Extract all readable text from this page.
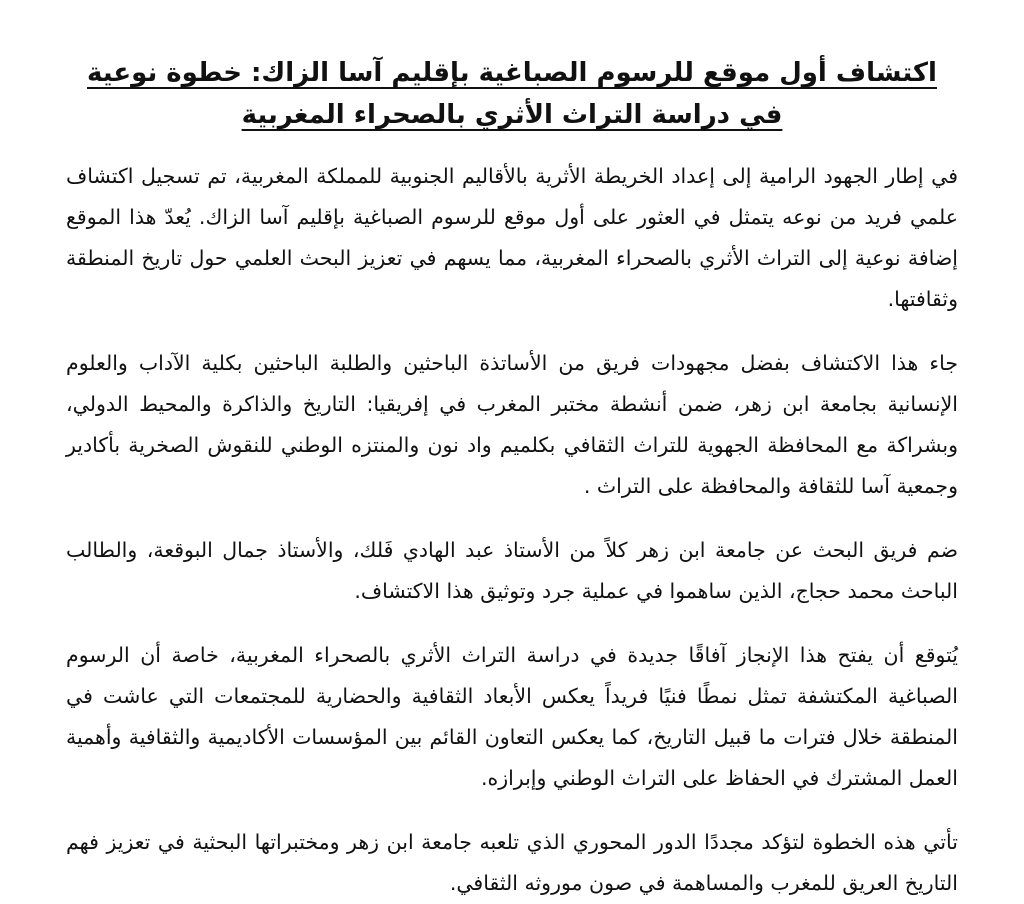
اكتشاف أول موقع للرسوم الصباغية بإقليم آسا الزاك: خطوة نوعية في دراسة التراث الأثري بالصحراء المغربية

في إطار الجهود الرامية إلى إعداد الخريطة الأثرية بالأقاليم الجنوبية للمملكة المغربية، تم تسجيل اكتشاف علمي فريد من نوعه يتمثل في العثور على أول موقع للرسوم الصباغية بإقليم آسا الزاك. يُعدّ هذا الموقع إضافة نوعية إلى التراث الأثري بالصحراء المغربية، مما يسهم في تعزيز البحث العلمي حول تاريخ المنطقة وثقافتها.

جاء هذا الاكتشاف بفضل مجهودات فريق من الأساتذة الباحثين والطلبة الباحثين بكلية الآداب والعلوم الإنسانية بجامعة ابن زهر، ضمن أنشطة مختبر المغرب في إفريقيا: التاريخ والذاكرة والمحيط الدولي، وبشراكة مع المحافظة الجهوية للتراث الثقافي بكلميم واد نون والمنتزه الوطني للنقوش الصخرية بأكادير وجمعية آسا للثقافة والمحافظة على التراث .

ضم فريق البحث عن جامعة ابن زهر كلاً من الأستاذ عبد الهادي فَلك، والأستاذ جمال البوقعة، والطالب الباحث محمد حجاج، الذين ساهموا في عملية جرد وتوثيق هذا الاكتشاف.

يُتوقع أن يفتح هذا الإنجاز آفاقًا جديدة في دراسة التراث الأثري بالصحراء المغربية، خاصة أن الرسوم الصباغية المكتشفة تمثل نمطًا فنيًا فريداً يعكس الأبعاد الثقافية والحضارية للمجتمعات التي عاشت في المنطقة خلال فترات ما قبيل التاريخ، كما يعكس التعاون القائم بين المؤسسات الأكاديمية والثقافية وأهمية العمل المشترك في الحفاظ على التراث الوطني وإبرازه.

تأتي هذه الخطوة لتؤكد مجددًا الدور المحوري الذي تلعبه جامعة ابن زهر ومختبراتها البحثية في تعزيز فهم التاريخ العريق للمغرب والمساهمة في صون موروثه الثقافي.
